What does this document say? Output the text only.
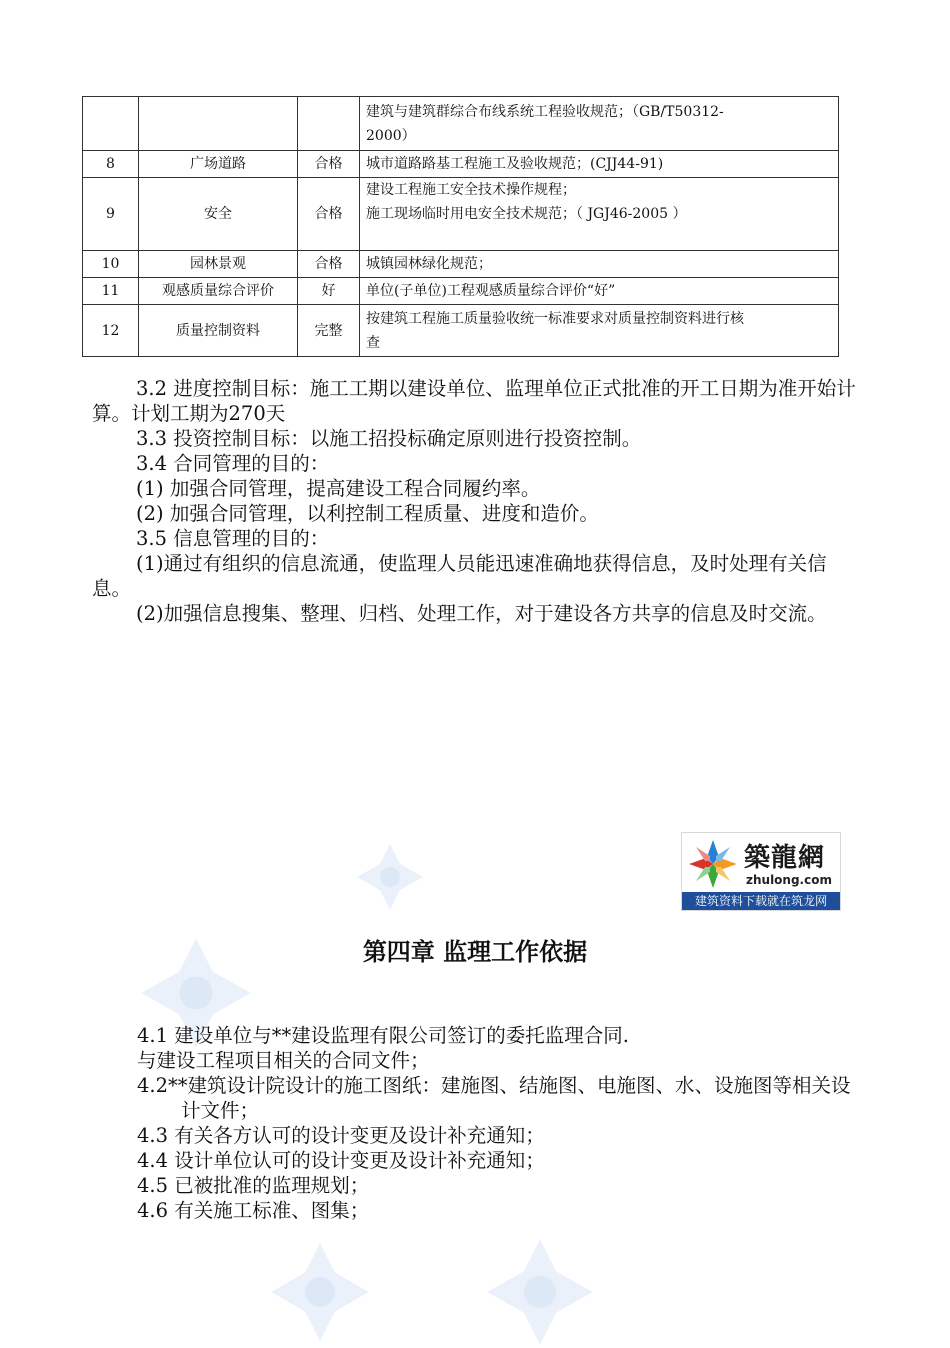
			建筑与建筑群综合布线系统工程验收规范；（GB/T50312-
2000）

8	广场道路	合格	城市道路路基工程施工及验收规范；(CJJ44-91)

9	安全	合格	建设工程施工安全技术操作规程；
施工现场临时用电安全技术规范；（ JGJ46-2005 ）

10	园林景观	合格	城镇园林绿化规范；

11	观感质量综合评价	好	单位(子单位)工程观感质量综合评价“好”

12	质量控制资料	完整	按建筑工程施工质量验收统一标准要求对质量控制资料进行核
查

3.2 进度控制目标：施工工期以建设单位、监理单位正式批准的开工日期为准开始计算。计划工期为270天

3.3 投资控制目标：以施工招投标确定原则进行投资控制。

3.4 合同管理的目的：

(1) 加强合同管理，提高建设工程合同履约率。

(2) 加强合同管理，以利控制工程质量、进度和造价。

3.5 信息管理的目的：

(1)通过有组织的信息流通，使监理人员能迅速准确地获得信息，及时处理有关信息。

(2)加强信息搜集、整理、归档、处理工作，对于建设各方共享的信息及时交流。

築龍網
zhulong.com
建筑资料下载就在筑龙网
第四章 监理工作依据

4.1 建设单位与**建设监理有限公司签订的委托监理合同.

与建设工程项目相关的合同文件；

4.2**建筑设计院设计的施工图纸：建施图、结施图、电施图、水、设施图等相关设计文件；

4.3 有关各方认可的设计变更及设计补充通知；

4.4 设计单位认可的设计变更及设计补充通知；

4.5 已被批准的监理规划；

4.6 有关施工标准、图集；
